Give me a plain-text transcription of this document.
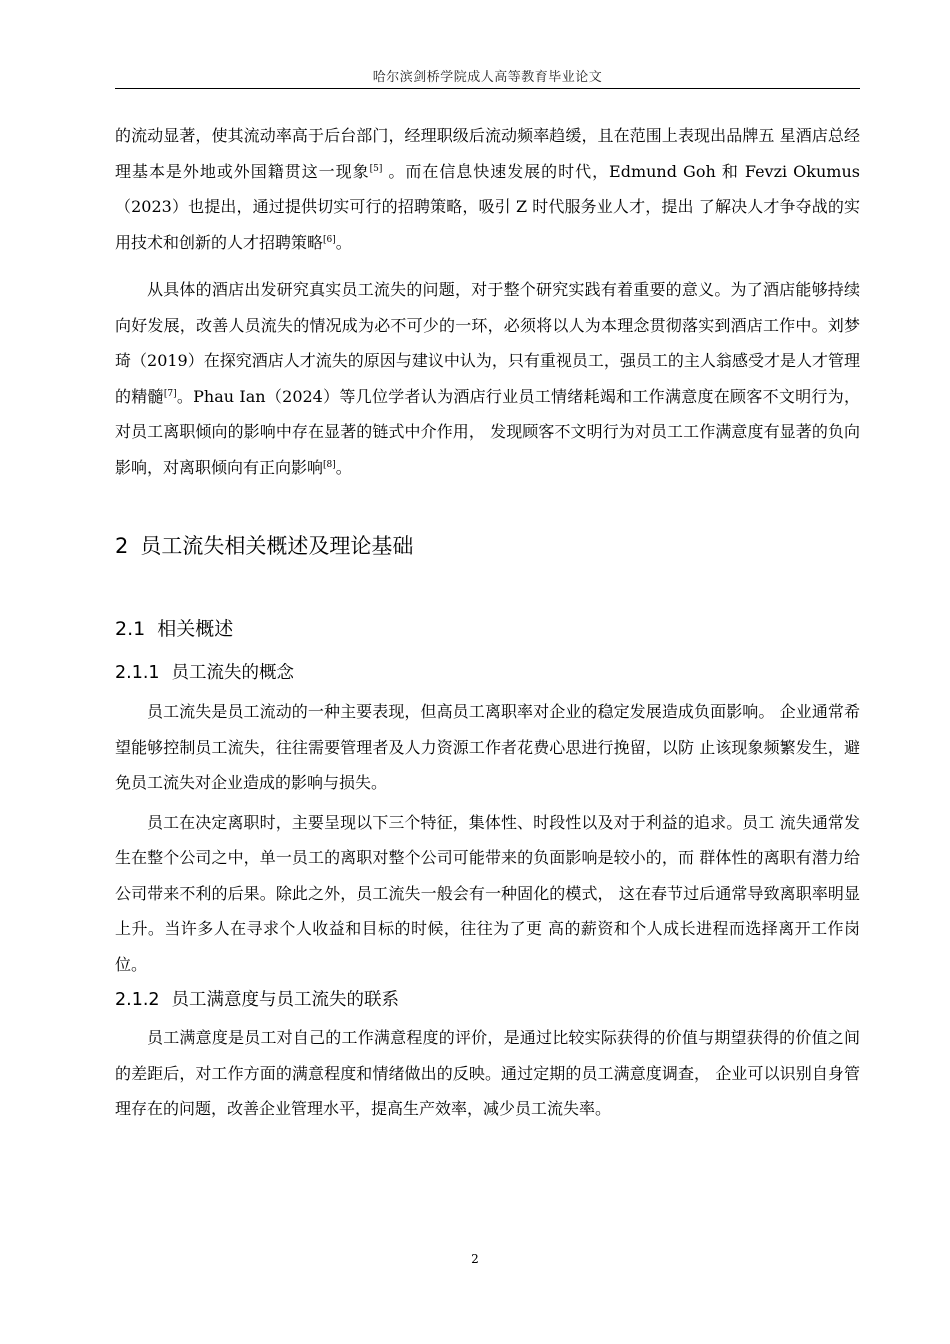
哈尔滨剑桥学院成人高等教育毕业论文

的流动显著，使其流动率高于后台部门，经理职级后流动频率趋缓，且在范围上表现出品牌五 星酒店总经理基本是外地或外国籍贯这一现象[5] 。而在信息快速发展的时代，Edmund Goh 和 Fevzi Okumus（2023）也提出，通过提供切实可行的招聘策略，吸引 Z 时代服务业人才，提出 了解决人才争夺战的实用技术和创新的人才招聘策略[6]。

从具体的酒店出发研究真实员工流失的问题，对于整个研究实践有着重要的意义。为了酒店能够持续向好发展，改善人员流失的情况成为必不可少的一环，必须将以人为本理念贯彻落实到酒店工作中。刘梦琦（2019）在探究酒店人才流失的原因与建议中认为，只有重视员工，强员工的主人翁感受才是人才管理的精髓[7]。Phau Ian（2024）等几位学者认为酒店行业员工情绪耗竭和工作满意度在顾客不文明行为，对员工离职倾向的影响中存在显著的链式中介作用， 发现顾客不文明行为对员工工作满意度有显著的负向影响，对离职倾向有正向影响[8]。

2 员工流失相关概述及理论基础
2.1 相关概述
2.1.1 员工流失的概念

员工流失是员工流动的一种主要表现，但高员工离职率对企业的稳定发展造成负面影响。 企业通常希望能够控制员工流失，往往需要管理者及人力资源工作者花费心思进行挽留，以防 止该现象频繁发生，避免员工流失对企业造成的影响与损失。

员工在决定离职时，主要呈现以下三个特征，集体性、时段性以及对于利益的追求。员工 流失通常发生在整个公司之中，单一员工的离职对整个公司可能带来的负面影响是较小的，而 群体性的离职有潜力给公司带来不利的后果。除此之外，员工流失一般会有一种固化的模式， 这在春节过后通常导致离职率明显上升。当许多人在寻求个人收益和目标的时候，往往为了更 高的薪资和个人成长进程而选择离开工作岗位。

2.1.2 员工满意度与员工流失的联系

员工满意度是员工对自己的工作满意程度的评价，是通过比较实际获得的价值与期望获得的价值之间的差距后，对工作方面的满意程度和情绪做出的反映。通过定期的员工满意度调查， 企业可以识别自身管理存在的问题，改善企业管理水平，提高生产效率，减少员工流失率。

2
